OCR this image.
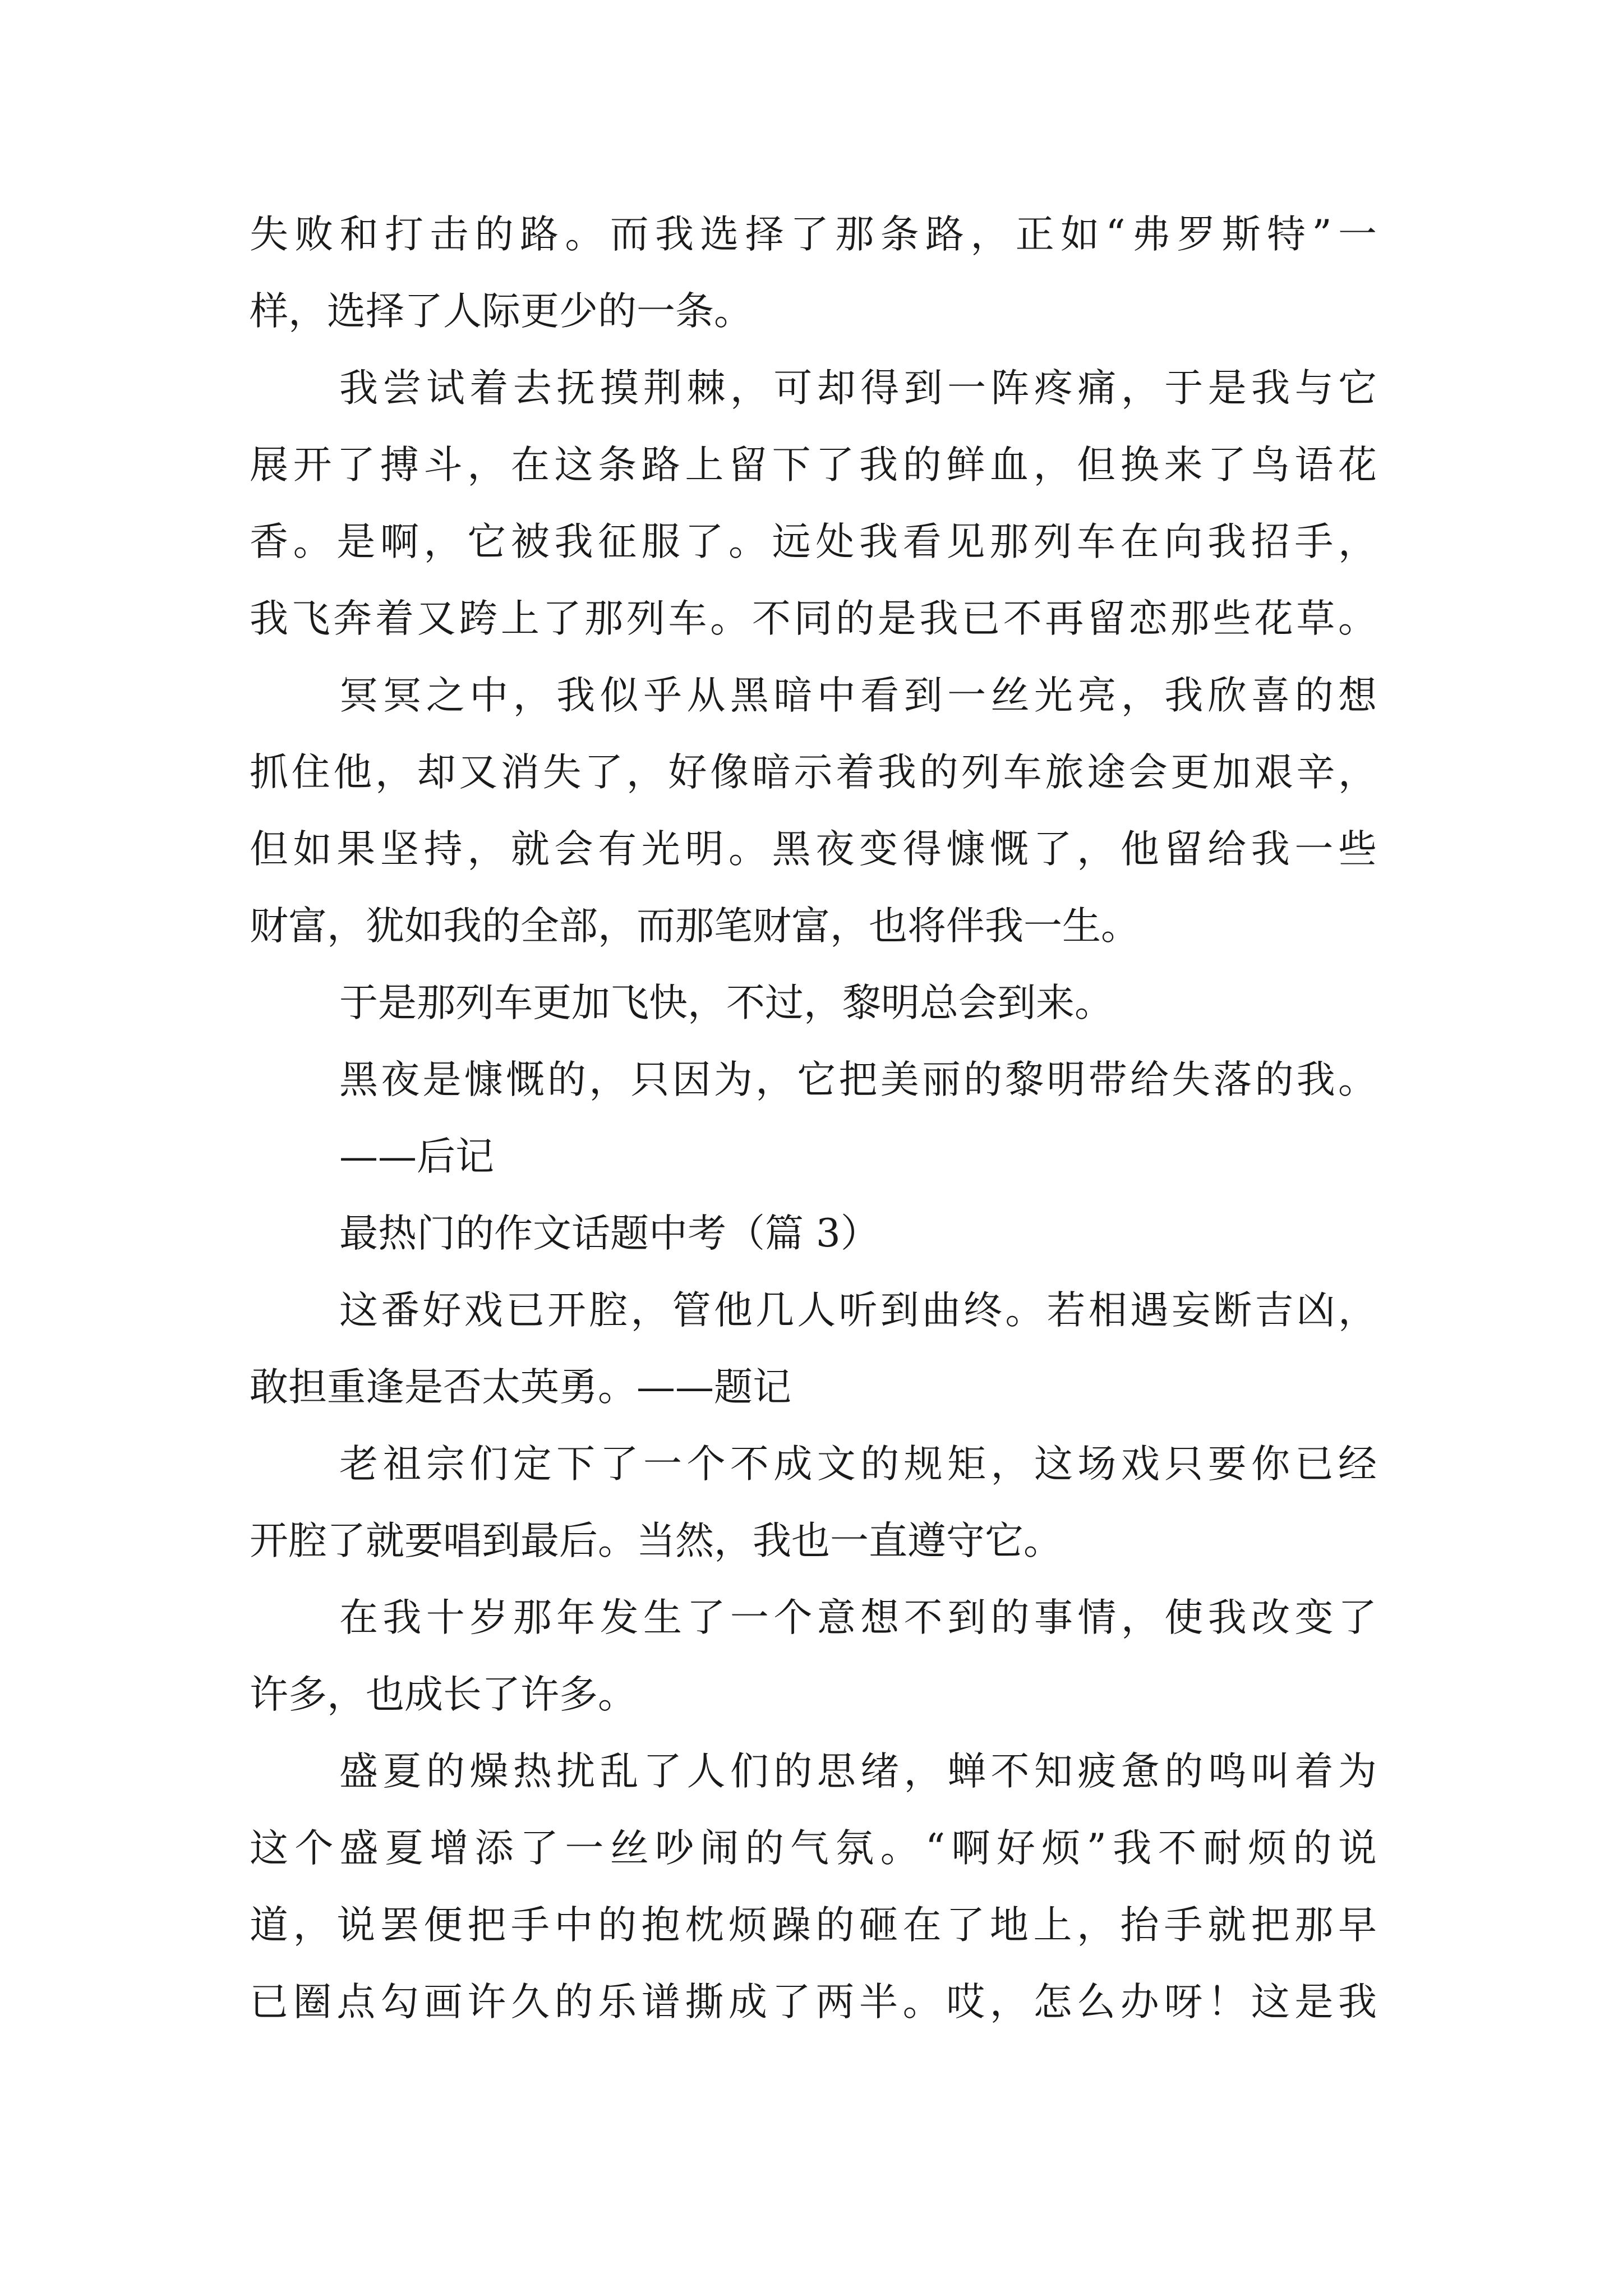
失败和打击的路。而我选择了那条路，正如“弗罗斯特”一
样，选择了人际更少的一条。
我尝试着去抚摸荆棘，可却得到一阵疼痛，于是我与它
展开了搏斗，在这条路上留下了我的鲜血，但换来了鸟语花
香。是啊，它被我征服了。远处我看见那列车在向我招手，
我飞奔着又跨上了那列车。不同的是我已不再留恋那些花草。
冥冥之中，我似乎从黑暗中看到一丝光亮，我欣喜的想
抓住他，却又消失了，好像暗示着我的列车旅途会更加艰辛，
但如果坚持，就会有光明。黑夜变得慷慨了，他留给我一些
财富，犹如我的全部，而那笔财富，也将伴我一生。
于是那列车更加飞快，不过，黎明总会到来。
黑夜是慷慨的，只因为，它把美丽的黎明带给失落的我。
——后记
最热门的作文话题中考（篇 3）
这番好戏已开腔，管他几人听到曲终。若相遇妄断吉凶，
敢担重逢是否太英勇。——题记
老祖宗们定下了一个不成文的规矩，这场戏只要你已经
开腔了就要唱到最后。当然，我也一直遵守它。
在我十岁那年发生了一个意想不到的事情，使我改变了
许多，也成长了许多。
盛夏的燥热扰乱了人们的思绪，蝉不知疲惫的鸣叫着为
这个盛夏增添了一丝吵闹的气氛。“啊好烦”我不耐烦的说
道，说罢便把手中的抱枕烦躁的砸在了地上，抬手就把那早
已圈点勾画许久的乐谱撕成了两半。哎，怎么办呀！这是我
